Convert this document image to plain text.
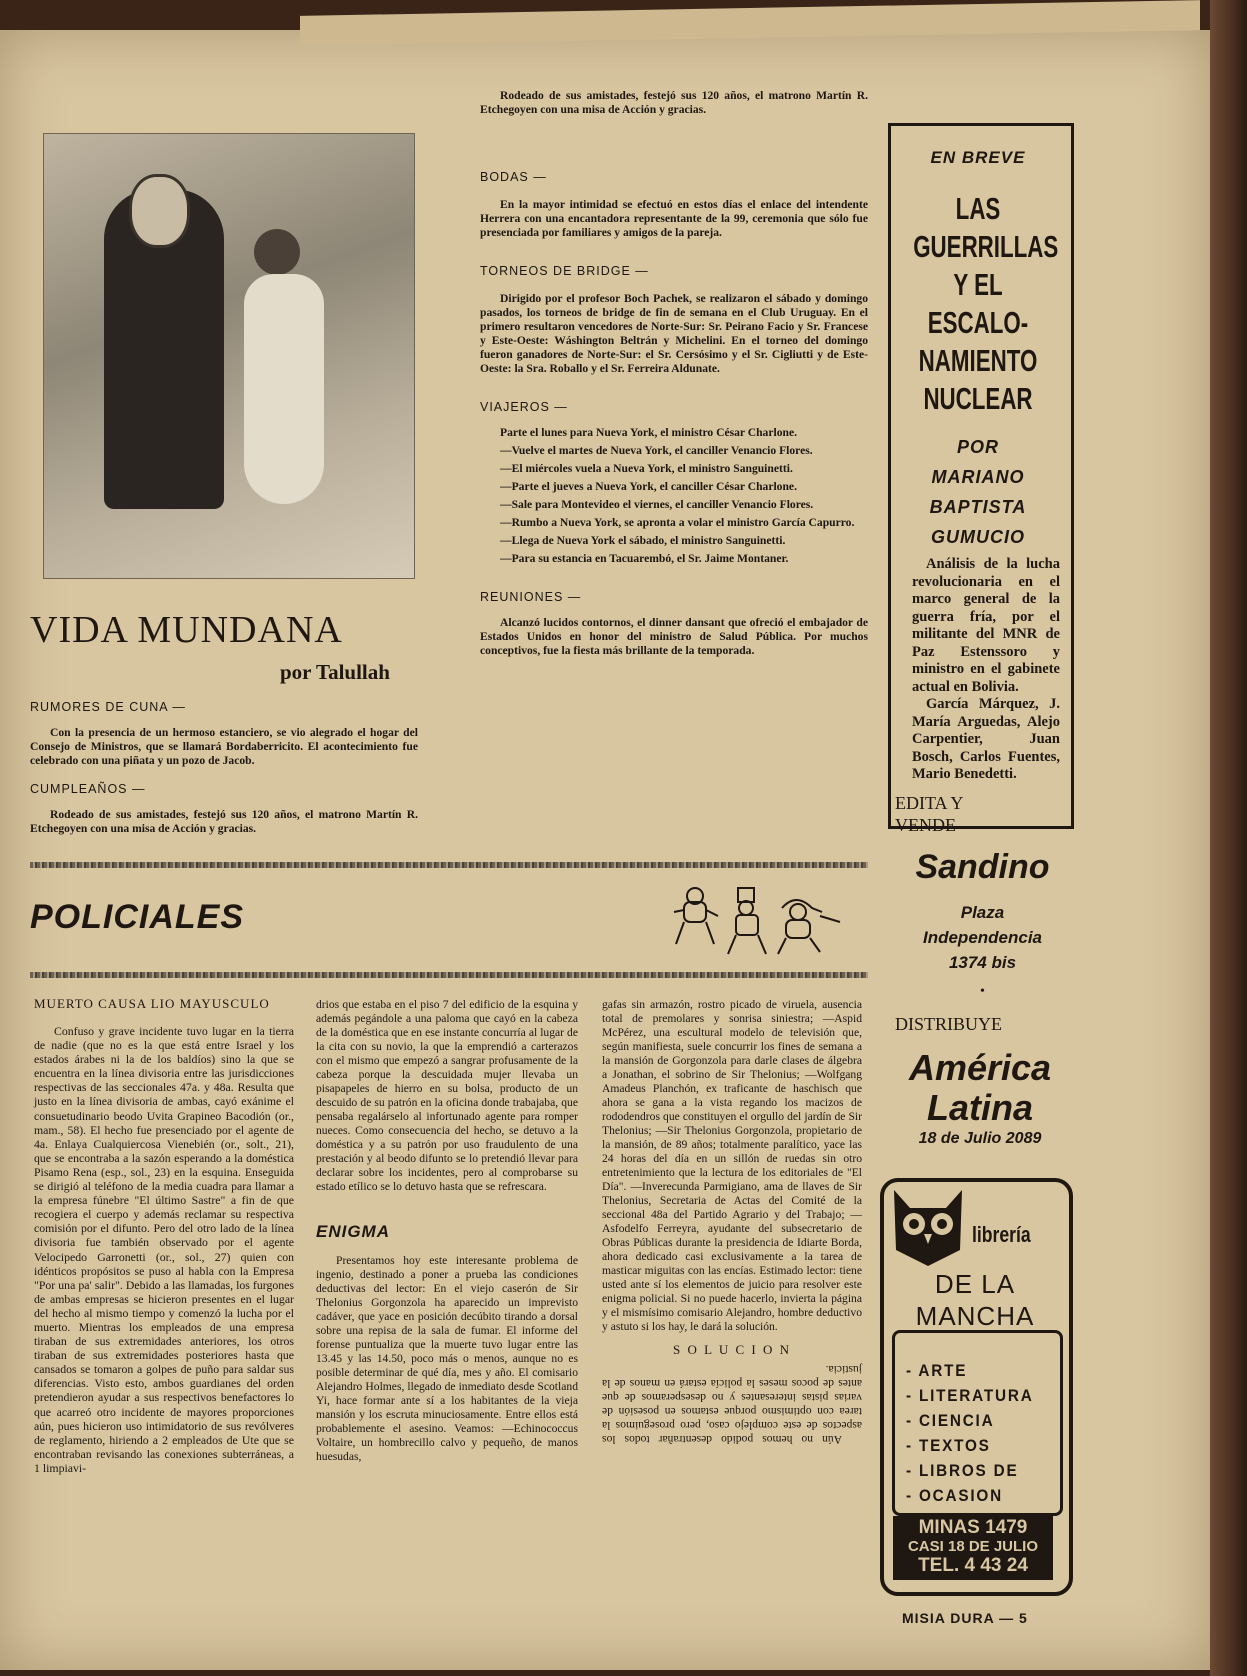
VIDA MUNDANA
por Talullah
RUMORES DE CUNA —

Con la presencia de un hermoso estanciero, se vio alegrado el hogar del Consejo de Ministros, que se llamará Bordaberricito. El acontecimiento fue celebrado con una piñata y un pozo de Jacob.

CUMPLEAÑOS —

Rodeado de sus amistades, festejó sus 120 años, el matrono Martín R. Etchegoyen con una misa de Acción y gracias.

Rodeado de sus amistades, festejó sus 120 años, el matrono Martín R. Etchegoyen con una misa de Acción y gracias.

BODAS —

En la mayor intimidad se efectuó en estos días el enlace del intendente Herrera con una encantadora representante de la 99, ceremonia que sólo fue presenciada por familiares y amigos de la pareja.

TORNEOS DE BRIDGE —

Dirigido por el profesor Boch Pachek, se realizaron el sábado y domingo pasados, los torneos de bridge de fin de semana en el Club Uruguay. En el primero resultaron vencedores de Norte-Sur: Sr. Peirano Facio y Sr. Francese y Este-Oeste: Wáshington Beltrán y Michelini. En el torneo del domingo fueron ganadores de Norte-Sur: el Sr. Cersósimo y el Sr. Cigliutti y de Este-Oeste: la Sra. Roballo y el Sr. Ferreira Aldunate.

VIAJEROS —

Parte el lunes para Nueva York, el ministro César Charlone.

—Vuelve el martes de Nueva York, el canciller Venancio Flores.

—El miércoles vuela a Nueva York, el ministro Sanguinetti.

—Parte el jueves a Nueva York, el canciller César Charlone.

—Sale para Montevideo el viernes, el canciller Venancio Flores.

—Rumbo a Nueva York, se apronta a volar el ministro García Capurro.

—Llega de Nueva York el sábado, el ministro Sanguinetti.

—Para su estancia en Tacuarembó, el Sr. Jaime Montaner.

REUNIONES —

Alcanzó lucidos contornos, el dinner dansant que ofreció el embajador de Estados Unidos en honor del ministro de Salud Pública. Por muchos conceptivos, fue la fiesta más brillante de la temporada.

POLICIALES
MUERTO CAUSA LIO MAYUSCULO

Confuso y grave incidente tuvo lugar en la tierra de nadie (que no es la que está entre Israel y los estados árabes ni la de los baldíos) sino la que se encuentra en la línea divisoria entre las jurisdicciones respectivas de las seccionales 47a. y 48a. Resulta que justo en la línea divisoria de ambas, cayó exánime el consuetudinario beodo Uvita Grapineo Bacodión (or., mam., 58). El hecho fue presenciado por el agente de 4a. Enlaya Cualquiercosa Vienebién (or., solt., 21), que se encontraba a la sazón esperando a la doméstica Pisamo Rena (esp., sol., 23) en la esquina. Enseguida se dirigió al teléfono de la media cuadra para llamar a la empresa fúnebre "El último Sastre" a fin de que recogiera el cuerpo y además reclamar su respectiva comisión por el difunto. Pero del otro lado de la línea divisoria fue también observado por el agente Velocipedo Garronetti (or., sol., 27) quien con idénticos propósitos se puso al habla con la Empresa "Por una pa' salir". Debido a las llamadas, los furgones de ambas empresas se hicieron presentes en el lugar del hecho al mismo tiempo y comenzó la lucha por el muerto. Mientras los empleados de una empresa tiraban de sus extremidades anteriores, los otros tiraban de sus extremidades posteriores hasta que cansados se tomaron a golpes de puño para saldar sus diferencias. Visto esto, ambos guardianes del orden pretendieron ayudar a sus respectivos benefactores lo que acarreó otro incidente de mayores proporciones aún, pues hicieron uso intimidatorio de sus revólveres de reglamento, hiriendo a 2 empleados de Ute que se encontraban revisando las conexiones subterráneas, a 1 limpiavi-

drios que estaba en el piso 7 del edificio de la esquina y además pegándole a una paloma que cayó en la cabeza de la doméstica que en ese instante concurría al lugar de la cita con su novio, la que la emprendió a carterazos con el mismo que empezó a sangrar profusamente de la cabeza porque la descuidada mujer llevaba un pisapapeles de hierro en su bolsa, producto de un descuido de su patrón en la oficina donde trabajaba, que pensaba regalárselo al infortunado agente para romper nueces. Como consecuencia del hecho, se detuvo a la doméstica y a su patrón por uso fraudulento de una prestación y al beodo difunto se lo pretendió llevar para declarar sobre los incidentes, pero al comprobarse su estado etílico se lo detuvo hasta que se refrescara.

ENIGMA

Presentamos hoy este interesante problema de ingenio, destinado a poner a prueba las condiciones deductivas del lector: En el viejo caserón de Sir Thelonius Gorgonzola ha aparecido un imprevisto cadáver, que yace en posición decúbito tirando a dorsal sobre una repisa de la sala de fumar. El informe del forense puntualiza que la muerte tuvo lugar entre las 13.45 y las 14.50, poco más o menos, aunque no es posible determinar de qué día, mes y año. El comisario Alejandro Holmes, llegado de inmediato desde Scotland Yi, hace formar ante sí a los habitantes de la vieja mansión y los escruta minuciosamente. Entre ellos está probablemente el asesino. Veamos: —Echinococcus Voltaire, un hombrecillo calvo y pequeño, de manos huesudas,

gafas sin armazón, rostro picado de viruela, ausencia total de premolares y sonrisa siniestra; —Aspid McPérez, una escultural modelo de televisión que, según manifiesta, suele concurrir los fines de semana a la mansión de Gorgonzola para darle clases de álgebra a Jonathan, el sobrino de Sir Thelonius; —Wolfgang Amadeus Planchón, ex traficante de haschisch que ahora se gana a la vista regando los macizos de rododendros que constituyen el orgullo del jardín de Sir Thelonius; —Sir Thelonius Gorgonzola, propietario de la mansión, de 89 años; totalmente paralítico, yace las 24 horas del día en un sillón de ruedas sin otro entretenimiento que la lectura de los editoriales de "El Día". —Inverecunda Parmigiano, ama de llaves de Sir Thelonius, Secretaria de Actas del Comité de la seccional 48a del Partido Agrario y del Trabajo; —Asfodelfo Ferreyra, ayudante del subsecretario de Obras Públicas durante la presidencia de Idiarte Borda, ahora dedicado casi exclusivamente a la tarea de masticar miguitas con las encías. Estimado lector: tiene usted ante sí los elementos de juicio para resolver este enigma policial. Si no puede hacerlo, invierta la página y el mismísimo comisario Alejandro, hombre deductivo y astuto si los hay, le dará la solución.

S O L U C I O N

Aún no hemos podido desentrañar todos los aspectos de este complejo caso, pero proseguimos la tarea con optimismo porque estamos en posesión de varias pistas interesantes y no desesperamos de que antes de pocos meses la policía estará en manos de la justicia.

EN BREVE
LAS
GUERRILLAS
Y EL
ESCALO-
NAMIENTO
NUCLEAR
POR
MARIANO
BAPTISTA
GUMUCIO

Análisis de la lucha revolucionaria en el marco general de la guerra fría, por el militante del MNR de Paz Estenssoro y ministro en el gabinete actual en Bolivia.

García Márquez, J. María Arguedas, Alejo Carpentier, Juan Bosch, Carlos Fuentes, Mario Benedetti.

EDITA Y
VENDE
Sandino
Plaza
Independencia
1374 bis
•
DISTRIBUYE
América
Latina
18 de Julio 2089
librería
DE LA
MANCHA
- ARTE
- LITERATURA
- CIENCIA
- TEXTOS
- LIBROS DE
- OCASION
MINAS 1479
CASI 18 DE JULIO
TEL. 4 43 24
MISIA DURA — 5
